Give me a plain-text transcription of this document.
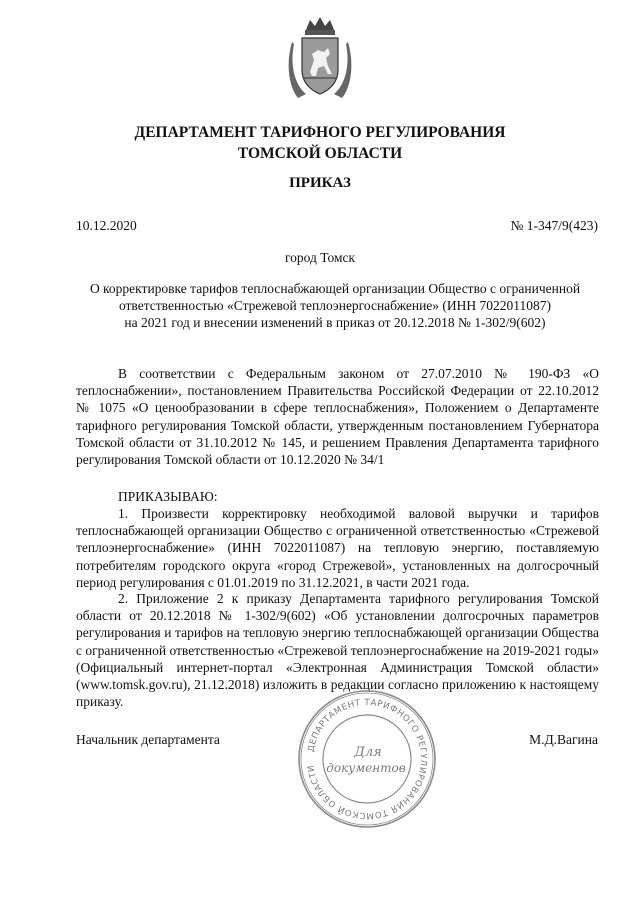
ДЕПАРТАМЕНТ ТАРИФНОГО РЕГУЛИРОВАНИЯ
ТОМСКОЙ ОБЛАСТИ
ПРИКАЗ
10.12.2020	№ 1-347/9(423)
город Томск
О корректировке тарифов теплоснабжающей организации Общество с ограниченной
ответственностью «Стрежевой теплоэнергоснабжение» (ИНН 7022011087)
на 2021 год и внесении изменений в приказ от 20.12.2018 № 1-302/9(602)
В соответствии с Федеральным законом от 27.07.2010 № 190-ФЗ «О теплоснабжении», постановлением Правительства Российской Федерации от 22.10.2012 № 1075 «О ценообразовании в сфере теплоснабжения», Положением о Департаменте тарифного регулирования Томской области, утвержденным постановлением Губернатора Томской области от 31.10.2012 № 145, и решением Правления Департамента тарифного регулирования Томской области от 10.12.2020 № 34/1
ПРИКАЗЫВАЮ:
1. Произвести корректировку необходимой валовой выручки и тарифов теплоснабжающей организации Общество с ограниченной ответственностью «Стрежевой теплоэнергоснабжение» (ИНН 7022011087) на тепловую энергию, поставляемую потребителям городского округа «город Стрежевой», установленных на долгосрочный период регулирования с 01.01.2019 по 31.12.2021, в части 2021 года.
2. Приложение 2 к приказу Департамента тарифного регулирования Томской области от 20.12.2018 № 1-302/9(602) «Об установлении долгосрочных параметров регулирования и тарифов на тепловую энергию теплоснабжающей организации Общества с ограниченной ответственностью «Стрежевой теплоэнергоснабжение на 2019-2021 годы» (Официальный интернет-портал «Электронная Администрация Томской области» (www.tomsk.gov.ru), 21.12.2018) изложить в редакции согласно приложению к настоящему приказу.
Начальник департамента	М.Д.Вагина
ДЕПАРТАМЕНТ ТАРИФНОГО РЕГУЛИРОВАНИЯ ТОМСКОЙ ОБЛАСТИ
Для
документов
